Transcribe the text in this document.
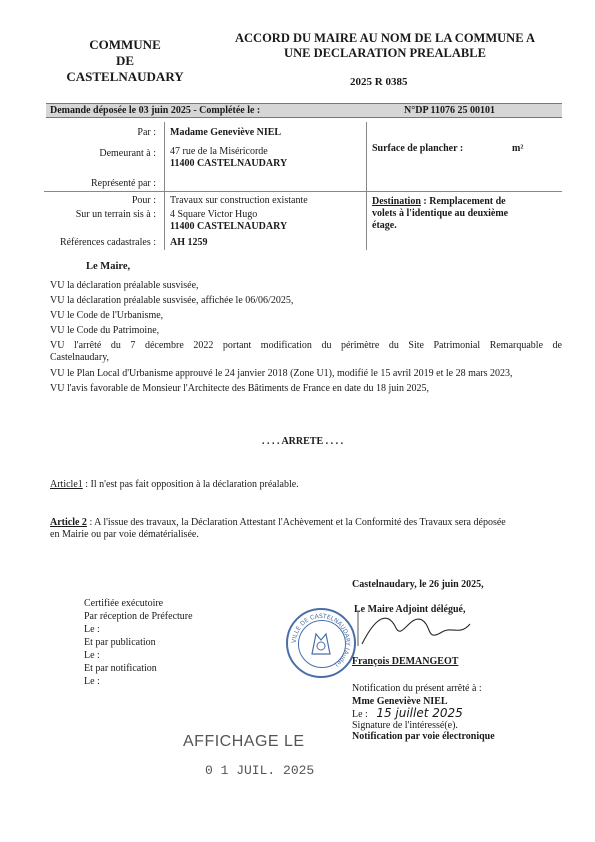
COMMUNE
DE
CASTELNAUDARY
ACCORD DU MAIRE AU NOM DE LA COMMUNE A
UNE DECLARATION PREALABLE
2025 R 0385
Demande déposée le 03 juin 2025 - Complétée le :	N°DP 11076 25 00101
Par : Madame Geneviève NIEL
Demeurant à : 47 rue de la Miséricorde
11400 CASTELNAUDARY
Représenté par :
Pour : Travaux sur construction existante
Sur un terrain sis à : 4 Square Victor Hugo
11400 CASTELNAUDARY
Références cadastrales : AH 1259
Surface de plancher :	m²
Destination : Remplacement de
volets à l'identique au deuxième
étage.
Le Maire,
VU la déclaration préalable susvisée,
VU la déclaration préalable susvisée, affichée le 06/06/2025,
VU le Code de l'Urbanisme,
VU le Code du Patrimoine,
VU l'arrêté du 7 décembre 2022 portant modification du périmètre du Site Patrimonial Remarquable de
Castelnaudary,
VU le Plan Local d'Urbanisme approuvé le 24 janvier 2018 (Zone U1), modifié le 15 avril 2019 et le 28 mars 2023,
VU l'avis favorable de Monsieur l'Architecte des Bâtiments de France en date du 18 juin 2025,
. . . . ARRETE . . . .
Article1 : Il n'est pas fait opposition à la déclaration préalable.
Article 2 : A l'issue des travaux, la Déclaration Attestant l'Achèvement et la Conformité des Travaux sera déposée
en Mairie ou par voie dématérialisée.
Castelnaudary, le 26 juin 2025,
Le Maire Adjoint délégué,
VILLE DE CASTELNAUDARY (Aude)	François DEMANGEOT
Certifiée exécutoire
Par réception de Préfecture
Le :
Et par publication
Le :
Et par notification
Le :
Notification du présent arrêté à :
Mme Geneviève NIEL
Le : 15 juillet 2025
Signature de l'intéressé(e).
Notification par voie électronique
AFFICHAGE LE
0 1 JUIL. 2025
